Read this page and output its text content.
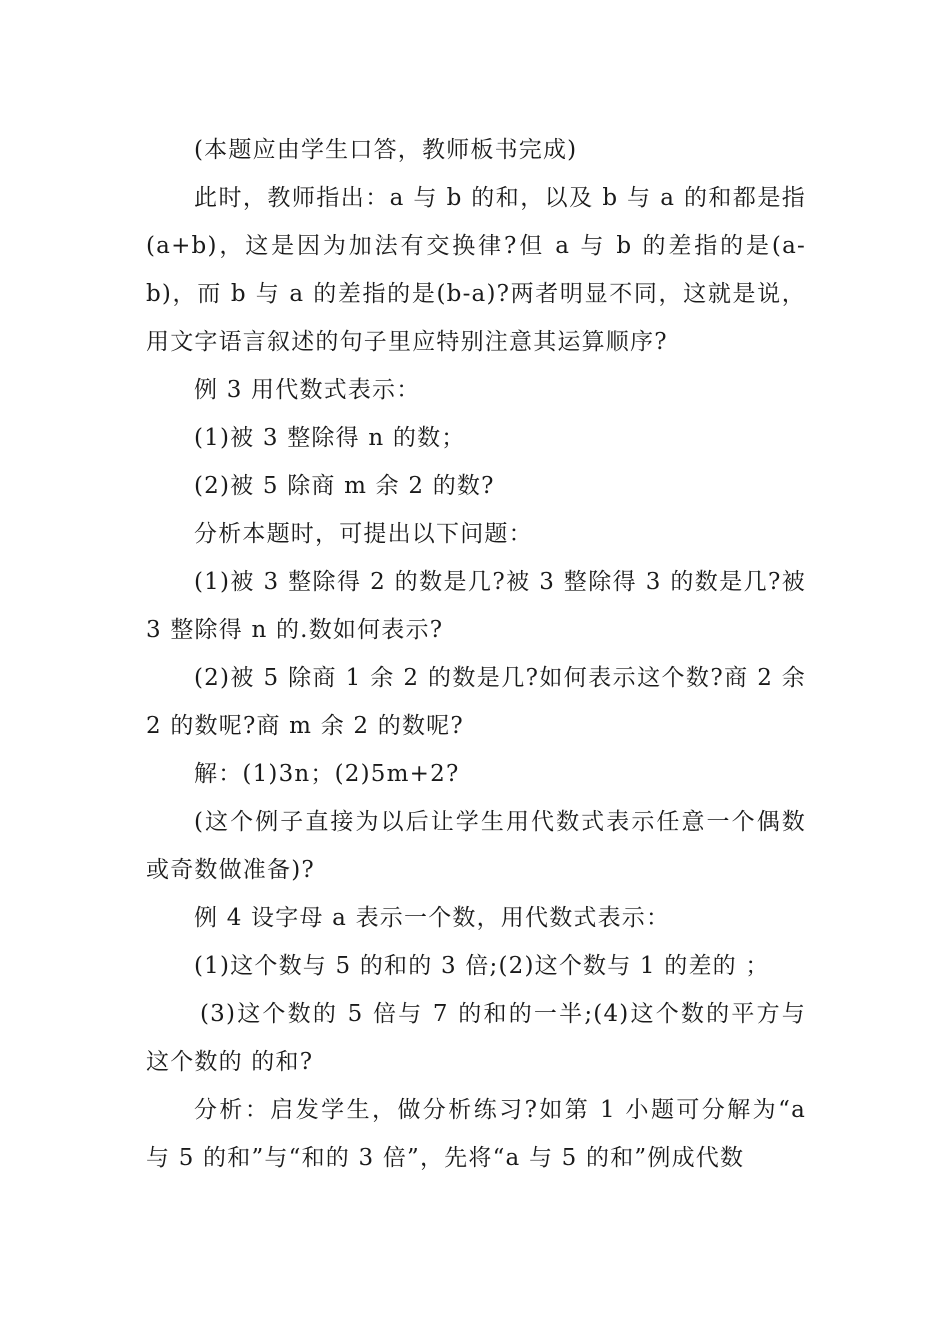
(本题应由学生口答，教师板书完成)

此时，教师指出：a 与 b 的和，以及 b 与 a 的和都是指(a+b)，这是因为加法有交换律?但 a 与 b 的差指的是(a-b)，而 b 与 a 的差指的是(b-a)?两者明显不同，这就是说，用文字语言叙述的句子里应特别注意其运算顺序?

例 3 用代数式表示：

(1)被 3 整除得 n 的数；

(2)被 5 除商 m 余 2 的数?

分析本题时，可提出以下问题：

(1)被 3 整除得 2 的数是几?被 3 整除得 3 的数是几?被 3 整除得 n 的.数如何表示?

(2)被 5 除商 1 余 2 的数是几?如何表示这个数?商 2 余 2 的数呢?商 m 余 2 的数呢?

解：(1)3n；(2)5m+2?

(这个例子直接为以后让学生用代数式表示任意一个偶数或奇数做准备)?

例 4 设字母 a 表示一个数，用代数式表示：

(1)这个数与 5 的和的 3 倍;(2)这个数与 1 的差的 ；

(3)这个数的 5 倍与 7 的和的一半;(4)这个数的平方与这个数的 的和?

分析：启发学生，做分析练习?如第 1 小题可分解为“a 与 5 的和”与“和的 3 倍”，先将“a 与 5 的和”例成代数
